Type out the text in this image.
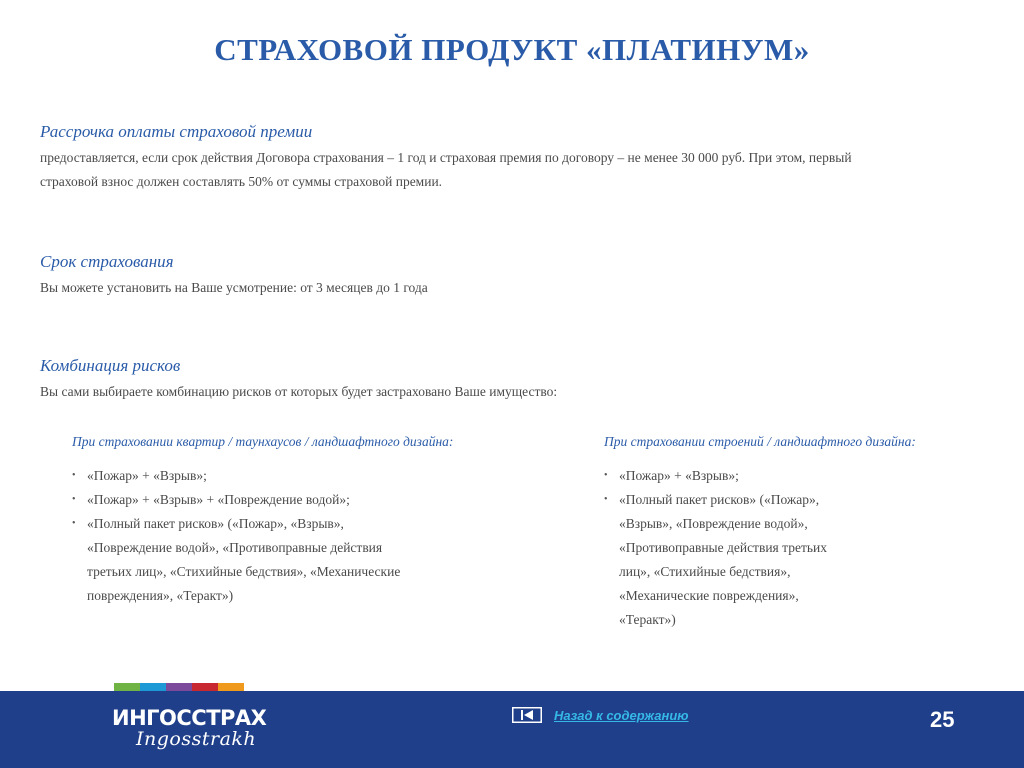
СТРАХОВОЙ ПРОДУКТ «ПЛАТИНУМ»

Рассрочка оплаты страховой премии

предоставляется, если срок действия Договора страхования – 1 год и страховая премия по договору – не менее 30 000 руб. При этом, первый
страховой взнос должен составлять 50% от суммы страховой премии.

Срок страхования

Вы можете установить на Ваше усмотрение: от 3 месяцев до 1 года

Комбинация рисков

Вы сами выбираете комбинацию рисков от которых будет застраховано Ваше имущество:

При страховании квартир / таунхаусов / ландшафтного дизайна:

• «Пожар» + «Взрыв»;
• «Пожар» + «Взрыв» + «Повреждение водой»;
• «Полный пакет рисков» («Пожар», «Взрыв»,
«Повреждение водой», «Противоправные действия
третьих лиц», «Стихийные бедствия», «Механические
повреждения», «Теракт»)

При страховании строений / ландшафтного дизайна:

• «Пожар» + «Взрыв»;
• «Полный пакет рисков» («Пожар»,
«Взрыв», «Повреждение водой»,
«Противоправные действия третьих
лиц», «Стихийные бедствия»,
«Механические повреждения»,
«Теракт»)
ИНГОССТРАХ
Ingosstrakh
Назад к содержанию	25
